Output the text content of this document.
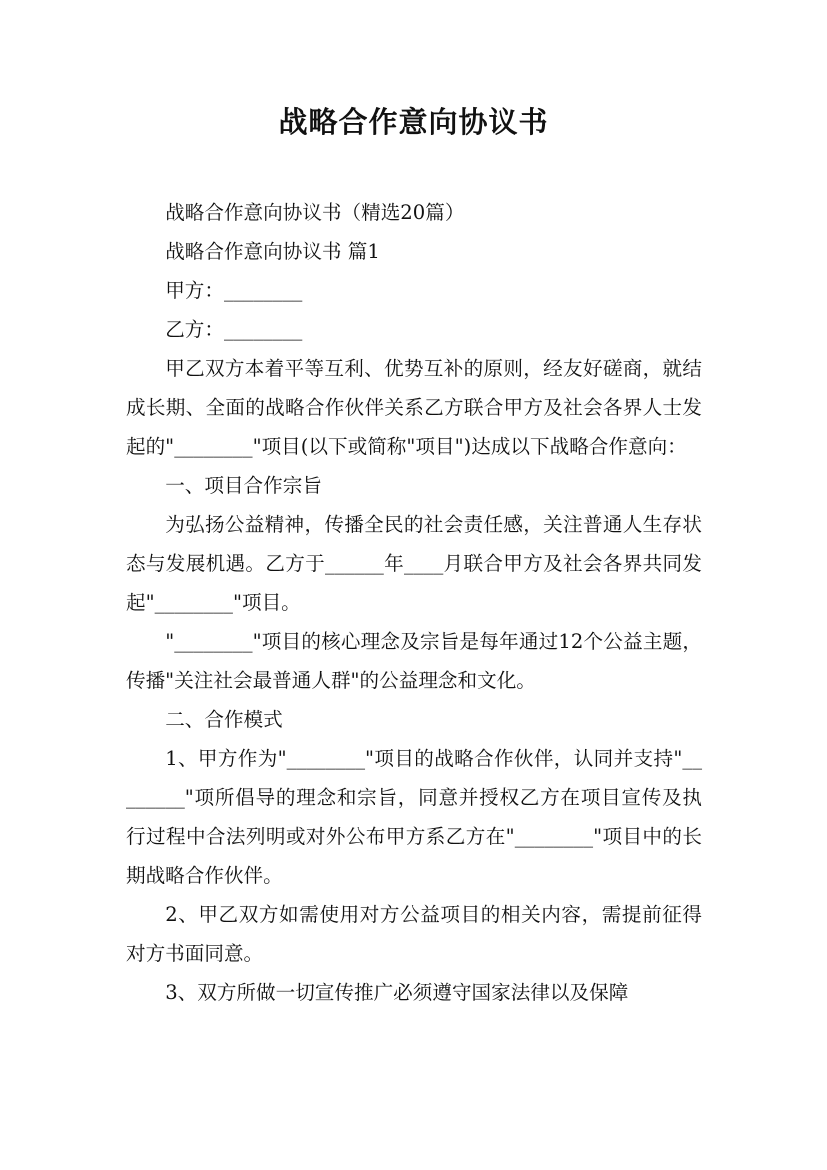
战略合作意向协议书

战略合作意向协议书（精选20篇）

战略合作意向协议书 篇1

甲方：________

乙方：________

甲乙双方本着平等互利、优势互补的原则，经友好磋商，就结成长期、全面的战略合作伙伴关系乙方联合甲方及社会各界人士发起的"________"项目(以下或简称"项目")达成以下战略合作意向：

一、项目合作宗旨

为弘扬公益精神，传播全民的社会责任感，关注普通人生存状态与发展机遇。乙方于______年____月联合甲方及社会各界共同发起"________"项目。

"________"项目的核心理念及宗旨是每年通过12个公益主题，传播"关注社会最普通人群"的公益理念和文化。

二、合作模式

1、甲方作为"________"项目的战略合作伙伴，认同并支持"________"项所倡导的理念和宗旨，同意并授权乙方在项目宣传及执行过程中合法列明或对外公布甲方系乙方在"________"项目中的长期战略合作伙伴。

2、甲乙双方如需使用对方公益项目的相关内容，需提前征得对方书面同意。

3、双方所做一切宣传推广必须遵守国家法律以及保障
